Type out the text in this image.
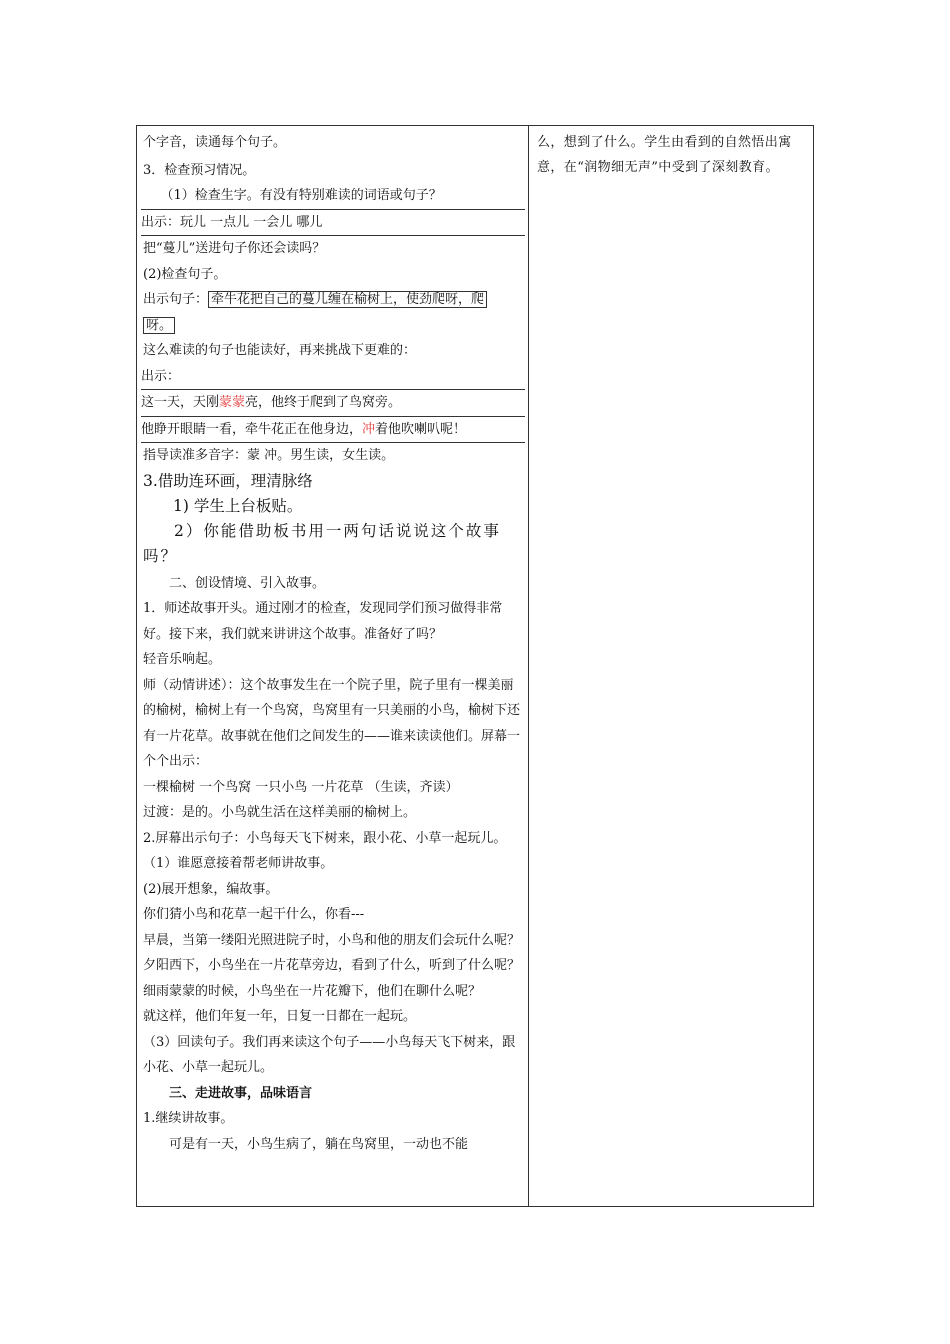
个字音，读通每个句子。
3．检查预习情况。
（1）检查生字。有没有特别难读的词语或句子？
出示：玩儿 一点儿 一会儿 哪儿
把“蔓儿”送进句子你还会读吗？
(2)检查句子。
出示句子： 牵牛花把自己的蔓儿缠在榆树上，使劲爬呀，爬
呀。
这么难读的句子也能读好，再来挑战下更难的：
出示：
这一天，天刚蒙蒙亮，他终于爬到了鸟窝旁。
他睁开眼睛一看，牵牛花正在他身边，冲着他吹喇叭呢！
指导读准多音字：蒙 冲。男生读，女生读。
3.借助连环画，理清脉络
1) 学生上台板贴。
2）你能借助板书用一两句话说说这个故事吗？
二、创设情境、引入故事。
1．师述故事开头。通过刚才的检查，发现同学们预习做得非常好。接下来，我们就来讲讲这个故事。准备好了吗？
轻音乐响起。
师（动情讲述）：这个故事发生在一个院子里，院子里有一棵美丽的榆树，榆树上有一个鸟窝，鸟窝里有一只美丽的小鸟，榆树下还有一片花草。故事就在他们之间发生的——谁来读读他们。屏幕一个个出示：
一棵榆树 一个鸟窝 一只小鸟 一片花草 （生读，齐读）
过渡：是的。小鸟就生活在这样美丽的榆树上。
2.屏幕出示句子：小鸟每天飞下树来，跟小花、小草一起玩儿。
（1）谁愿意接着帮老师讲故事。
(2)展开想象，编故事。
你们猜小鸟和花草一起干什么，你看---
早晨，当第一缕阳光照进院子时，小鸟和他的朋友们会玩什么呢？
夕阳西下，小鸟坐在一片花草旁边，看到了什么，听到了什么呢？
细雨蒙蒙的时候，小鸟坐在一片花瓣下，他们在聊什么呢？
就这样，他们年复一年，日复一日都在一起玩。
（3）回读句子。我们再来读这个句子——小鸟每天飞下树来，跟小花、小草一起玩儿。
三、走进故事，品味语言
1.继续讲故事。
可是有一天，小鸟生病了，躺在鸟窝里，一动也不能
么，想到了什么。学生由看到的自然悟出寓意，在“润物细无声”中受到了深刻教育。
